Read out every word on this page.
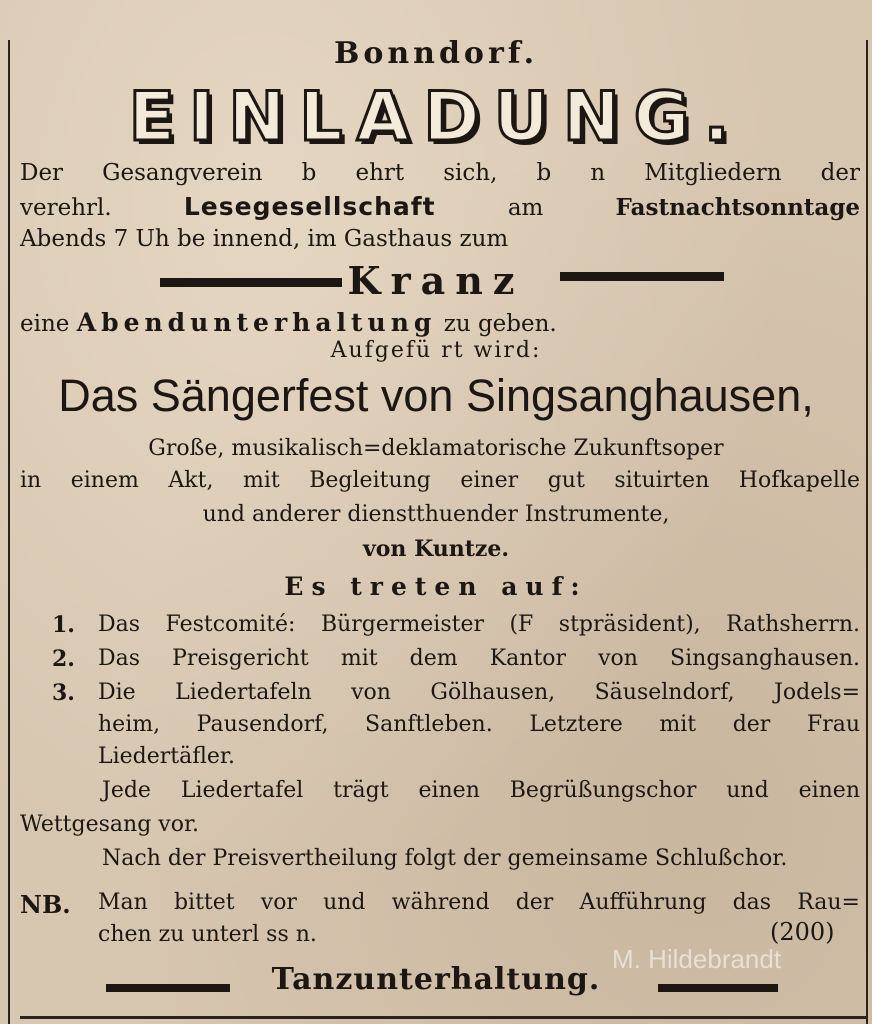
Bonndorf.
EINLADUNG.
Der Gesangverein b ehrt sich, b n Mitgliedern der
verehrl.	Lesegesellschaft	am	Fastnachtsonntage
Abends 7 Uh be innend, im Gasthaus zum
Kranz
eine Abendunterhaltung zu geben.
Aufgefü rt wird:
Das Sängerfest von Singsanghausen,
Große, musikalisch=deklamatorische Zukunftsoper
in einem Akt, mit Begleitung einer gut situirten Hofkapelle
und anderer dienstthuender Instrumente,
von Kuntze.
Es treten auf:
1. Das Festcomité: Bürgermeister (F stpräsident), Rathsherrn.
2. Das Preisgericht mit dem Kantor von Singsanghausen.
3. Die Liedertafeln von Gölhausen, Säuselndorf, Jodels=
heim, Pausendorf, Sanftleben. Letztere mit der Frau
Liedertäfler.
Jede Liedertafel trägt einen Begrüßungschor und einen
Wettgesang vor.
Nach der Preisvertheilung folgt der gemeinsame Schlußchor.
NB. Man bittet vor und während der Aufführung das Rau=
chen zu unterl ss n.	(200)
M. Hildebrandt
Tanzunterhaltung.
